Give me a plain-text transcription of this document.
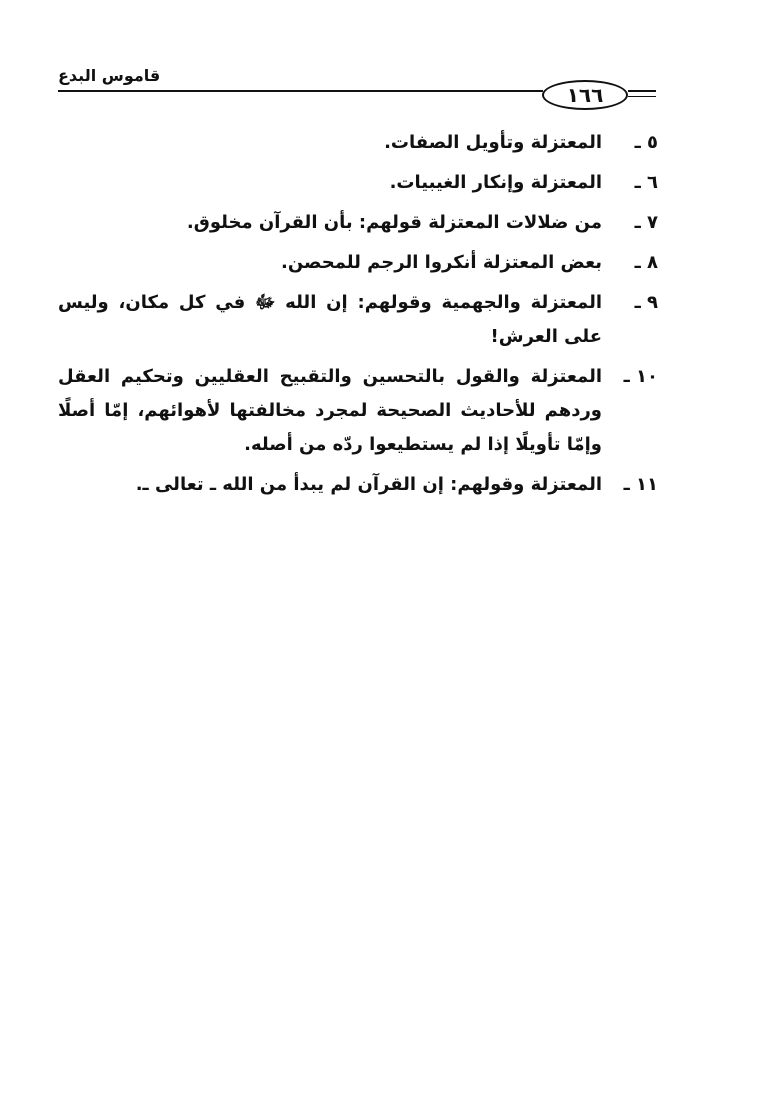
قاموس البدع
١٦٦
٥ ـ
المعتزلة وتأويل الصفات.
٦ ـ
المعتزلة وإنكار الغيبيات.
٧ ـ
من ضلالات المعتزلة قولهم: بأن القرآن مخلوق.
٨ ـ
بعض المعتزلة أنكروا الرجم للمحصن.
٩ ـ
المعتزلة والجهمية وقولهم: إن الله ﷻ في كل مكان، وليس على العرش!
١٠ ـ
المعتزلة والقول بالتحسين والتقبيح العقليين وتحكيم العقل وردهم للأحاديث الصحيحة لمجرد مخالفتها لأهوائهم، إمّا أصلًا وإمّا تأويلًا إذا لم يستطيعوا ردّه من أصله.
١١ ـ
المعتزلة وقولهم: إن القرآن لم يبدأ من الله ـ تعالى ـ.
